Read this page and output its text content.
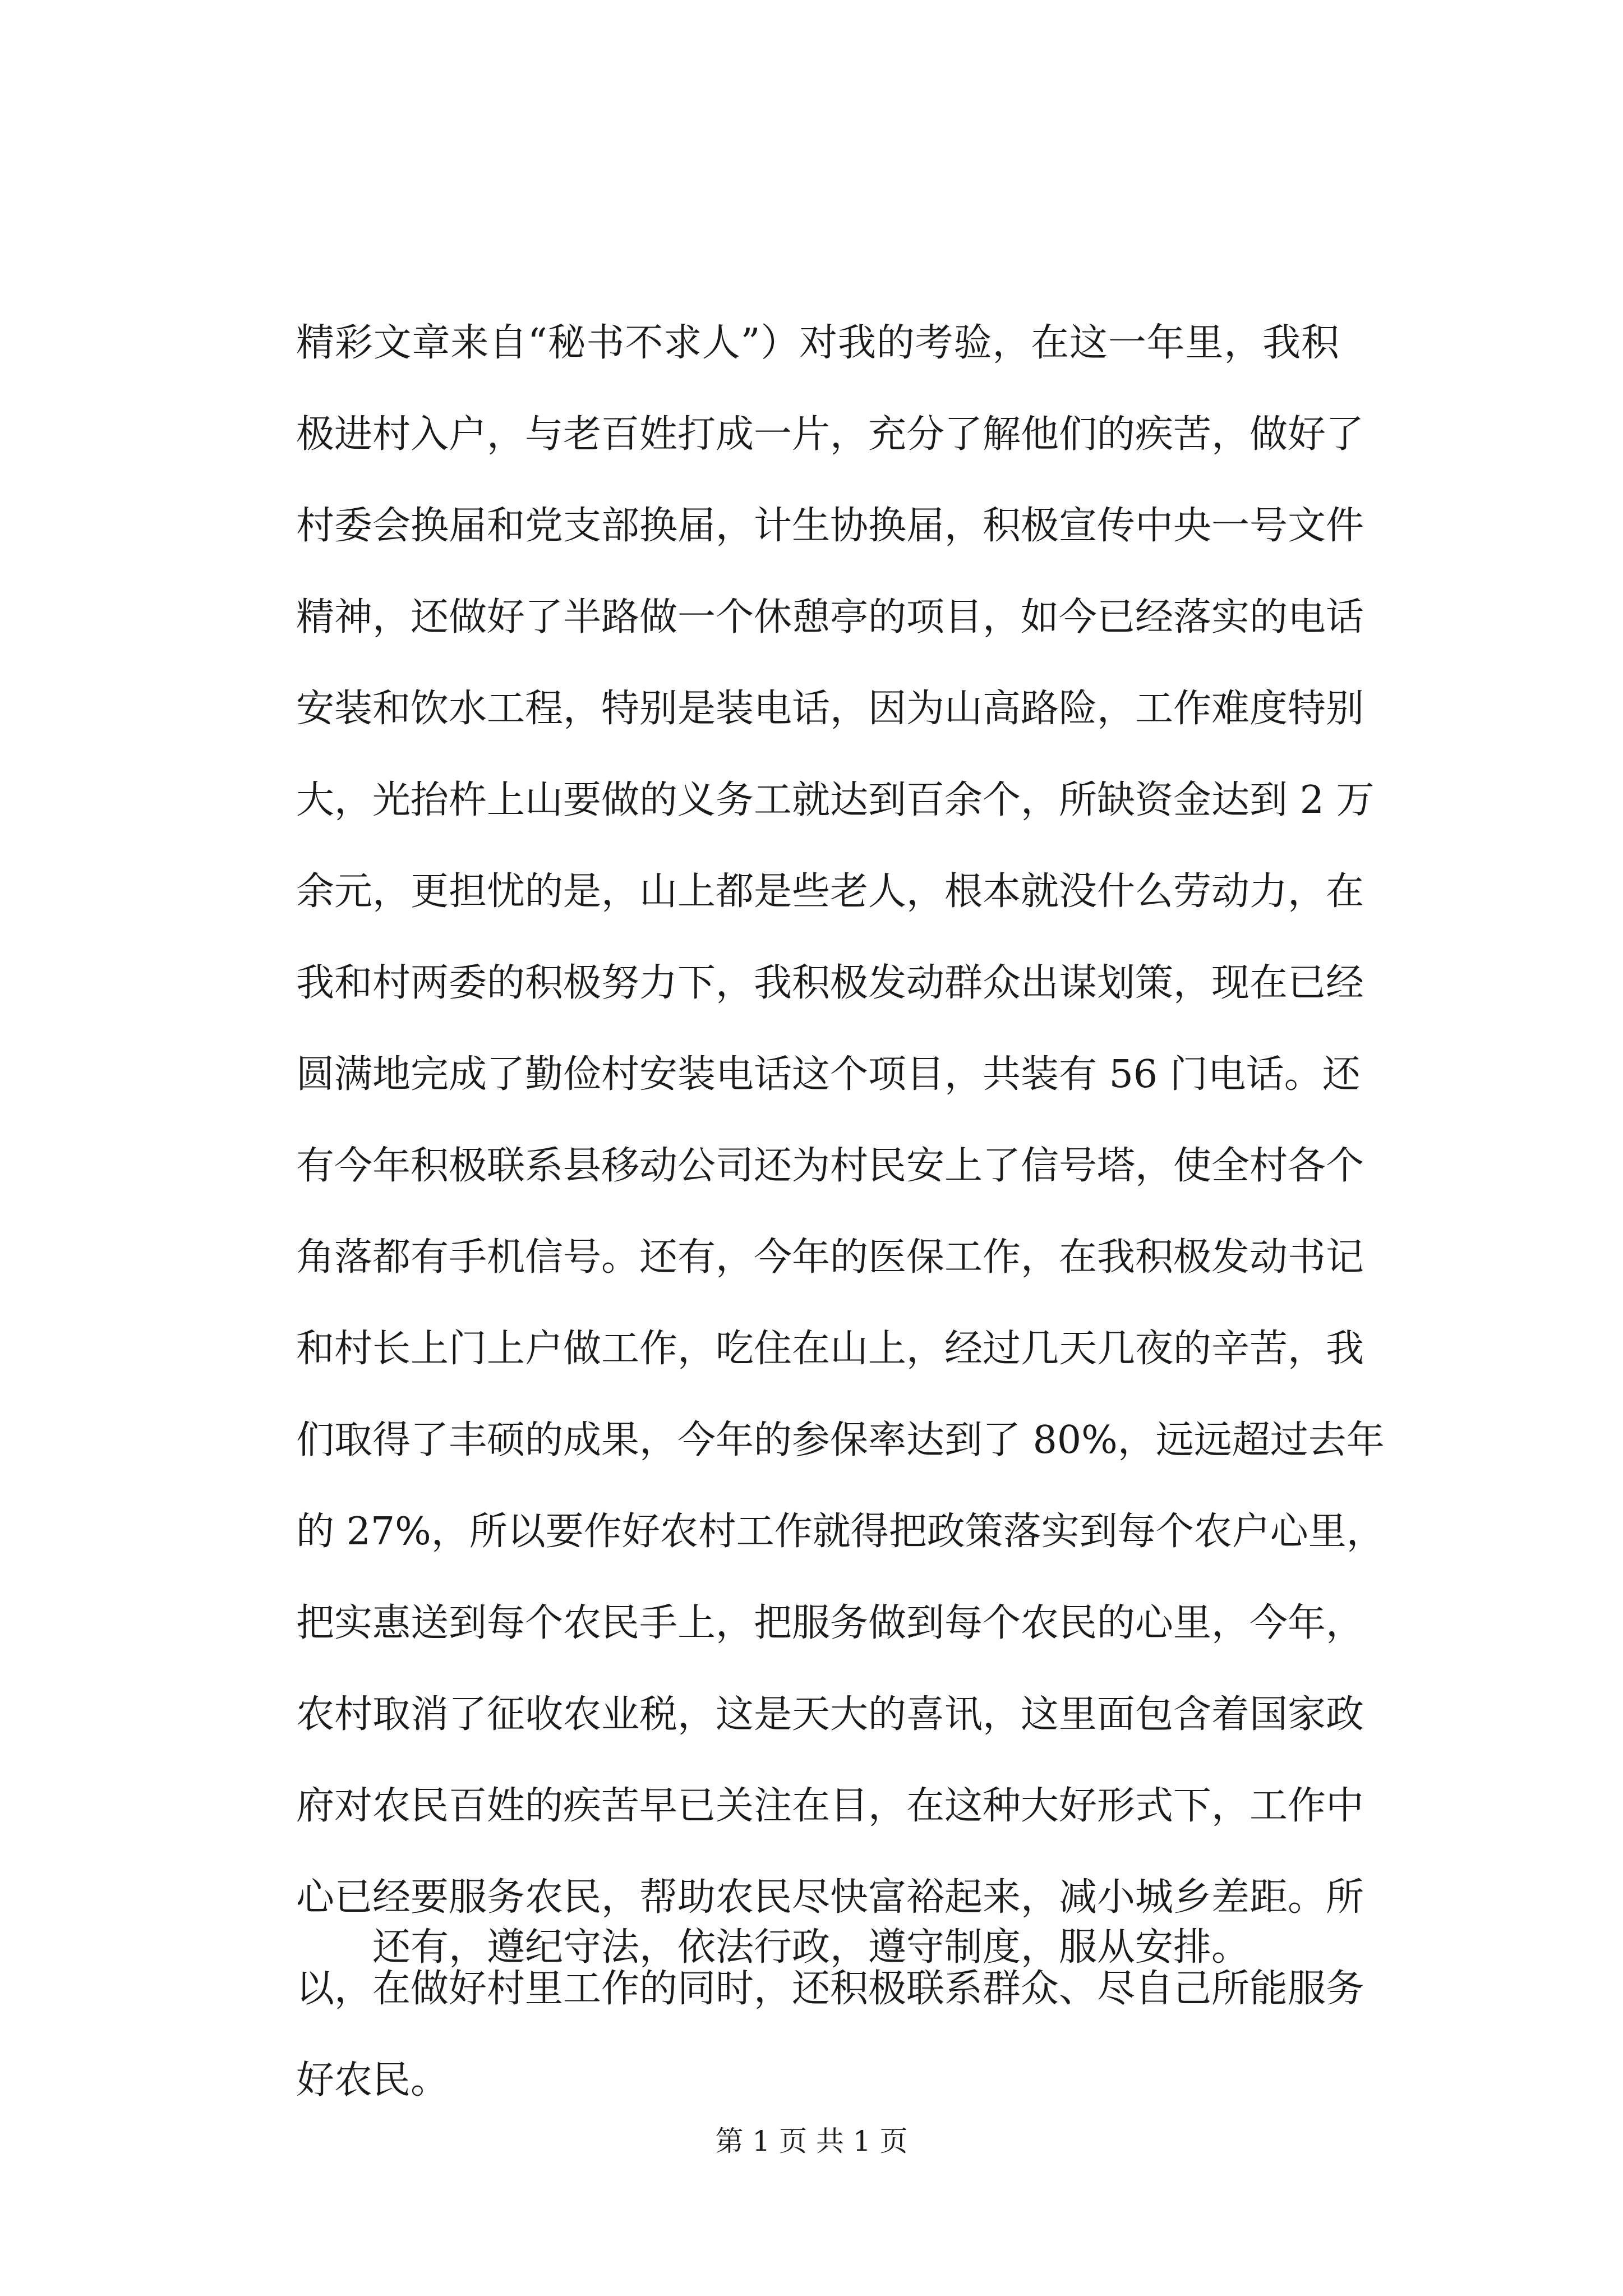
精彩文章来自“秘书不求人”）对我的考验，在这一年里，我积
极进村入户，与老百姓打成一片，充分了解他们的疾苦，做好了
村委会换届和党支部换届，计生协换届，积极宣传中央一号文件
精神，还做好了半路做一个休憩亭的项目，如今已经落实的电话
安装和饮水工程，特别是装电话，因为山高路险，工作难度特别
大，光抬杵上山要做的义务工就达到百余个，所缺资金达到 2 万
余元，更担忧的是，山上都是些老人，根本就没什么劳动力，在
我和村两委的积极努力下，我积极发动群众出谋划策，现在已经
圆满地完成了勤俭村安装电话这个项目，共装有 56 门电话。还
有今年积极联系县移动公司还为村民安上了信号塔，使全村各个
角落都有手机信号。还有，今年的医保工作，在我积极发动书记
和村长上门上户做工作，吃住在山上，经过几天几夜的辛苦，我
们取得了丰硕的成果，今年的参保率达到了 80%，远远超过去年
的 27%，所以要作好农村工作就得把政策落实到每个农户心里，
把实惠送到每个农民手上，把服务做到每个农民的心里，今年，
农村取消了征收农业税，这是天大的喜讯，这里面包含着国家政
府对农民百姓的疾苦早已关注在目，在这种大好形式下，工作中
心已经要服务农民，帮助农民尽快富裕起来，减小城乡差距。所
以，在做好村里工作的同时，还积极联系群众、尽自己所能服务
好农民。
还有，遵纪守法，依法行政，遵守制度，服从安排。
第 1 页 共 1 页
